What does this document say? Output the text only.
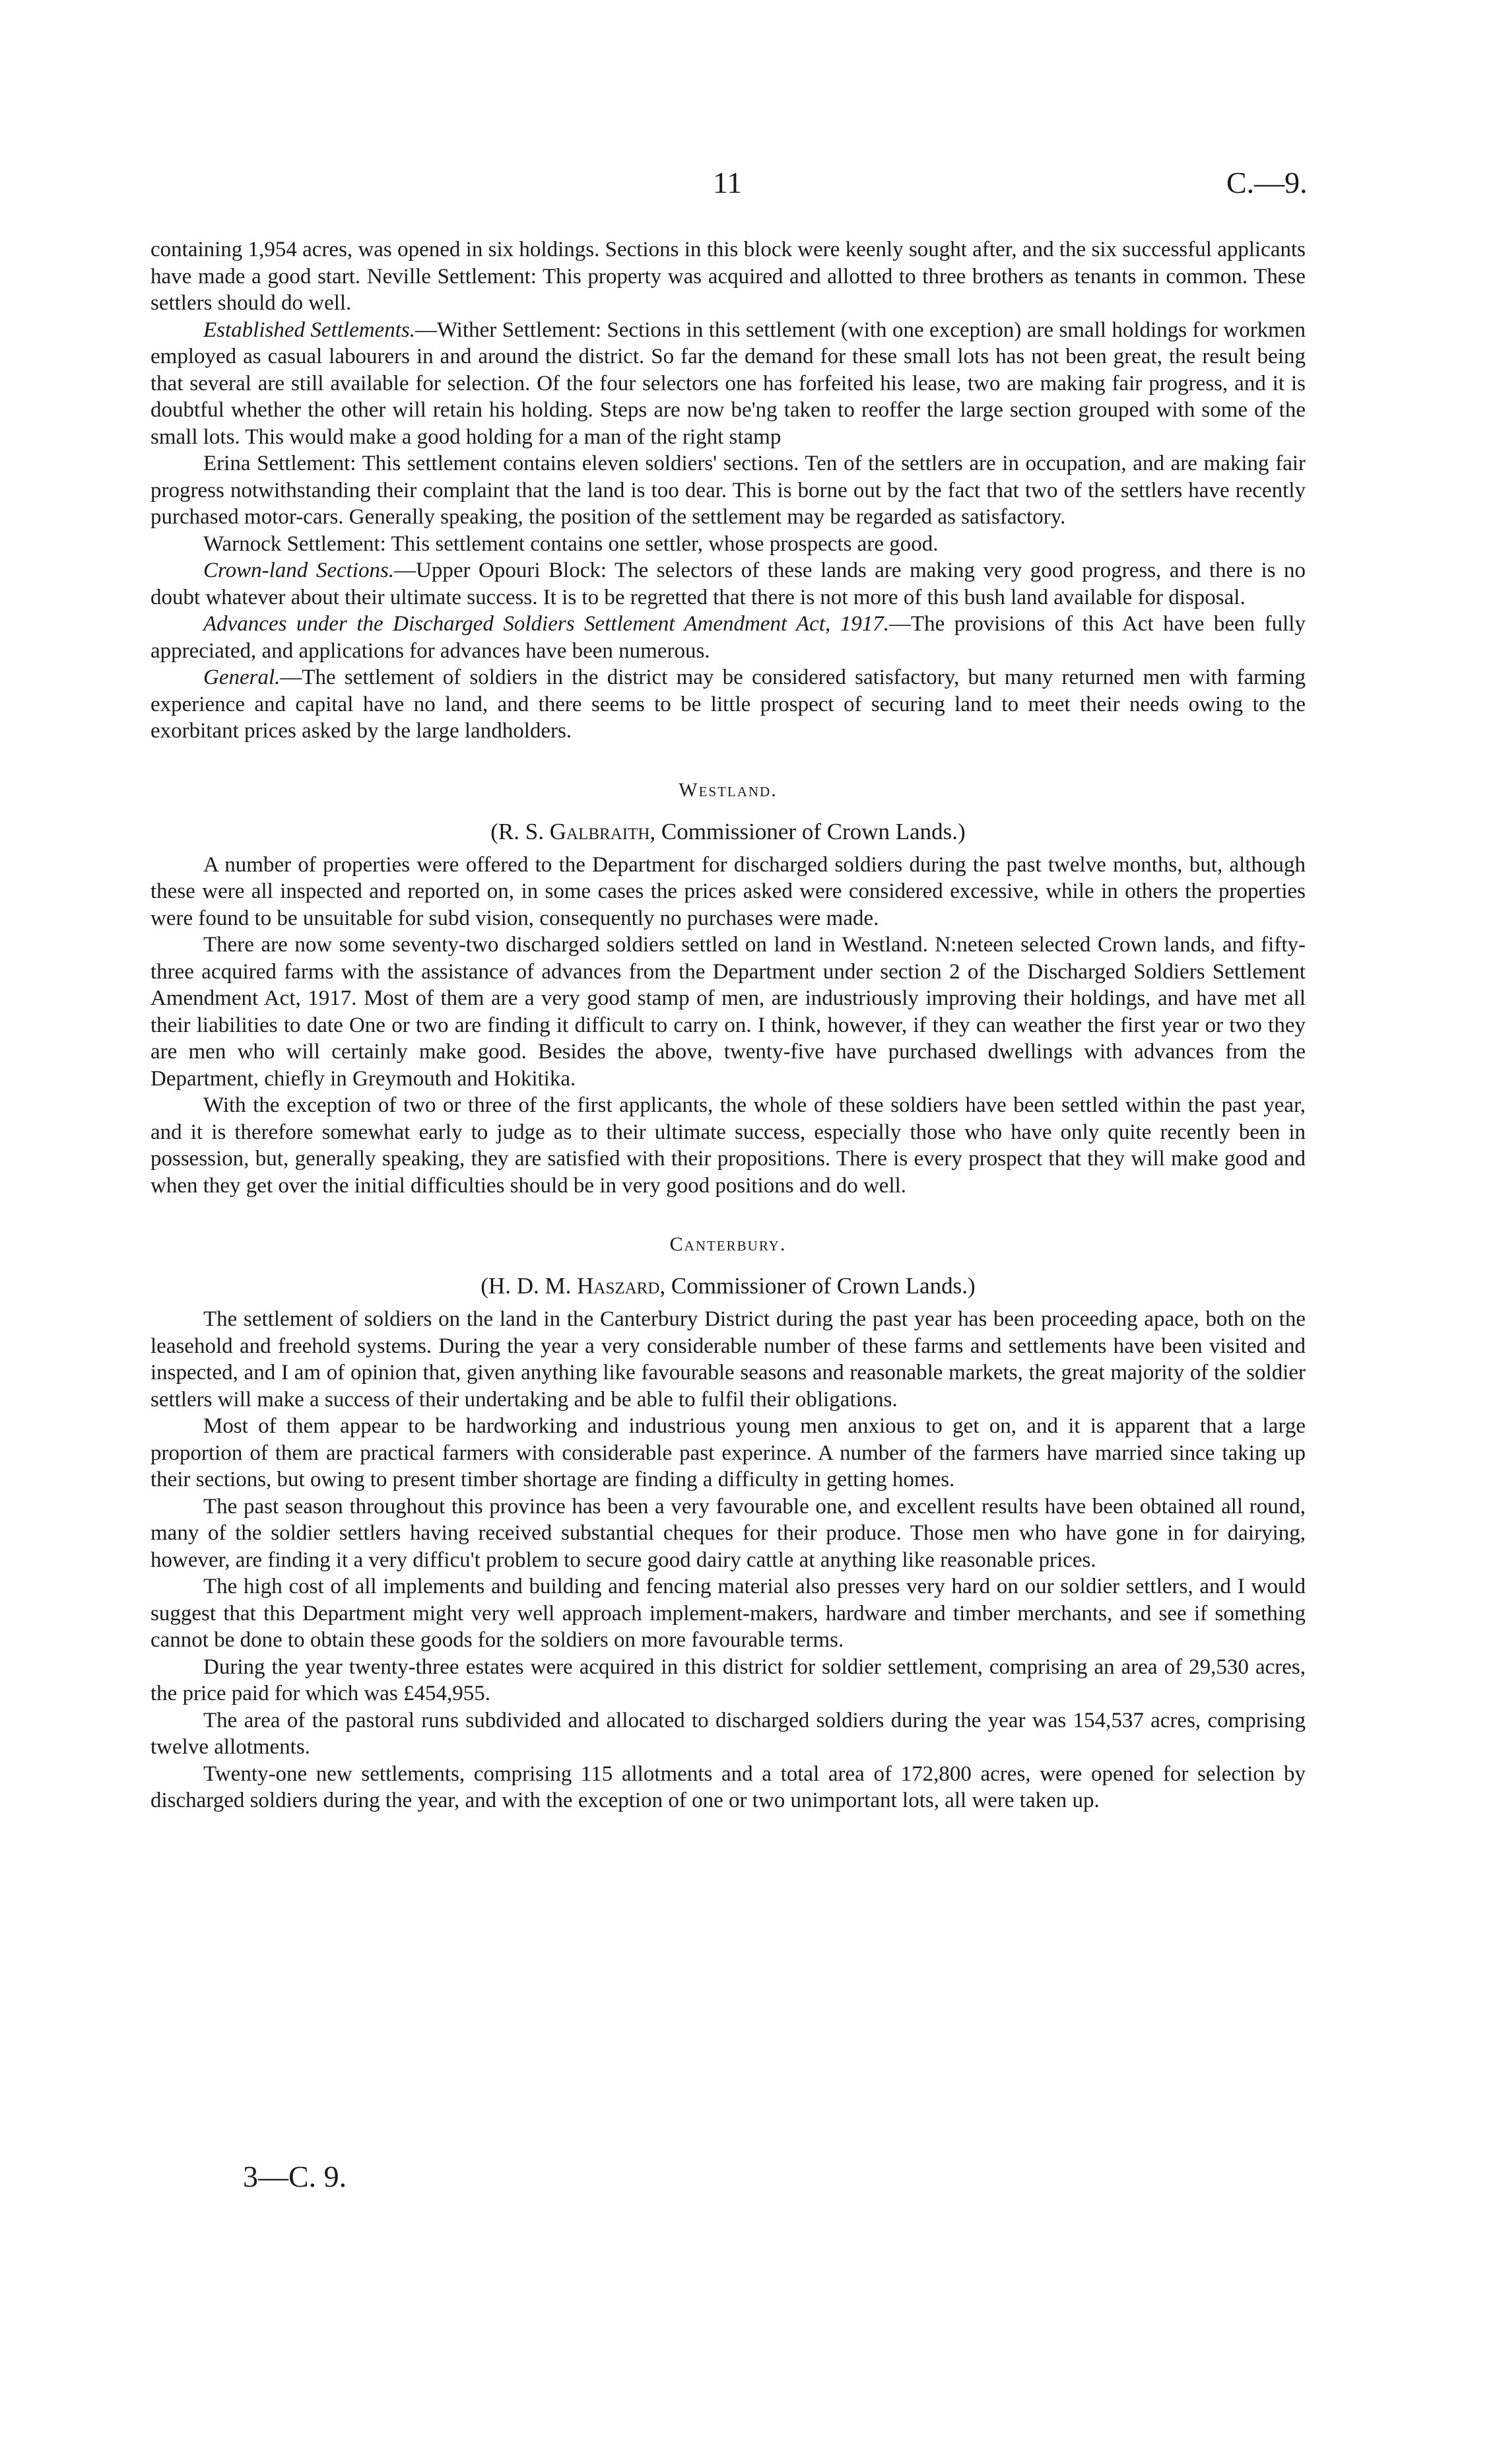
11	C.—9.

containing 1,954 acres, was opened in six holdings. Sections in this block were keenly sought after, and the six successful applicants have made a good start. Neville Settlement: This property was acquired and allotted to three brothers as tenants in common. These settlers should do well.

Established Settlements.—Wither Settlement: Sections in this settlement (with one exception) are small holdings for workmen employed as casual labourers in and around the district. So far the demand for these small lots has not been great, the result being that several are still available for selection. Of the four selectors one has forfeited his lease, two are making fair progress, and it is doubtful whether the other will retain his holding. Steps are now be'ng taken to reoffer the large section grouped with some of the small lots. This would make a good holding for a man of the right stamp

Erina Settlement: This settlement contains eleven soldiers' sections. Ten of the settlers are in occupation, and are making fair progress notwithstanding their complaint that the land is too dear. This is borne out by the fact that two of the settlers have recently purchased motor-cars. Generally speaking, the position of the settlement may be regarded as satisfactory.

Warnock Settlement: This settlement contains one settler, whose prospects are good.

Crown-land Sections.—Upper Opouri Block: The selectors of these lands are making very good progress, and there is no doubt whatever about their ultimate success. It is to be regretted that there is not more of this bush land available for disposal.

Advances under the Discharged Soldiers Settlement Amendment Act, 1917.—The provisions of this Act have been fully appreciated, and applications for advances have been numerous.

General.—The settlement of soldiers in the district may be considered satisfactory, but many returned men with farming experience and capital have no land, and there seems to be little prospect of securing land to meet their needs owing to the exorbitant prices asked by the large landholders.

Westland.
(R. S. Galbraith, Commissioner of Crown Lands.)

A number of properties were offered to the Department for discharged soldiers during the past twelve months, but, although these were all inspected and reported on, in some cases the prices asked were considered excessive, while in others the properties were found to be unsuitable for subd vision, consequently no purchases were made.

There are now some seventy-two discharged soldiers settled on land in Westland. N:neteen selected Crown lands, and fifty-three acquired farms with the assistance of advances from the Department under section 2 of the Discharged Soldiers Settlement Amendment Act, 1917. Most of them are a very good stamp of men, are industriously improving their holdings, and have met all their liabilities to date One or two are finding it difficult to carry on. I think, however, if they can weather the first year or two they are men who will certainly make good. Besides the above, twenty-five have purchased dwellings with advances from the Department, chiefly in Greymouth and Hokitika.

With the exception of two or three of the first applicants, the whole of these soldiers have been settled within the past year, and it is therefore somewhat early to judge as to their ultimate success, especially those who have only quite recently been in possession, but, generally speaking, they are satisfied with their propositions. There is every prospect that they will make good and when they get over the initial difficulties should be in very good positions and do well.

Canterbury.
(H. D. M. Haszard, Commissioner of Crown Lands.)

The settlement of soldiers on the land in the Canterbury District during the past year has been proceeding apace, both on the leasehold and freehold systems. During the year a very considerable number of these farms and settlements have been visited and inspected, and I am of opinion that, given anything like favourable seasons and reasonable markets, the great majority of the soldier settlers will make a success of their undertaking and be able to fulfil their obligations.

Most of them appear to be hardworking and industrious young men anxious to get on, and it is apparent that a large proportion of them are practical farmers with considerable past experince. A number of the farmers have married since taking up their sections, but owing to present timber shortage are finding a difficulty in getting homes.

The past season throughout this province has been a very favourable one, and excellent results have been obtained all round, many of the soldier settlers having received substantial cheques for their produce. Those men who have gone in for dairying, however, are finding it a very difficu't problem to secure good dairy cattle at anything like reasonable prices.

The high cost of all implements and building and fencing material also presses very hard on our soldier settlers, and I would suggest that this Department might very well approach implement-makers, hardware and timber merchants, and see if something cannot be done to obtain these goods for the soldiers on more favourable terms.

During the year twenty-three estates were acquired in this district for soldier settlement, comprising an area of 29,530 acres, the price paid for which was £454,955.

The area of the pastoral runs subdivided and allocated to discharged soldiers during the year was 154,537 acres, comprising twelve allotments.

Twenty-one new settlements, comprising 115 allotments and a total area of 172,800 acres, were opened for selection by discharged soldiers during the year, and with the exception of one or two unimportant lots, all were taken up.

3—C. 9.
